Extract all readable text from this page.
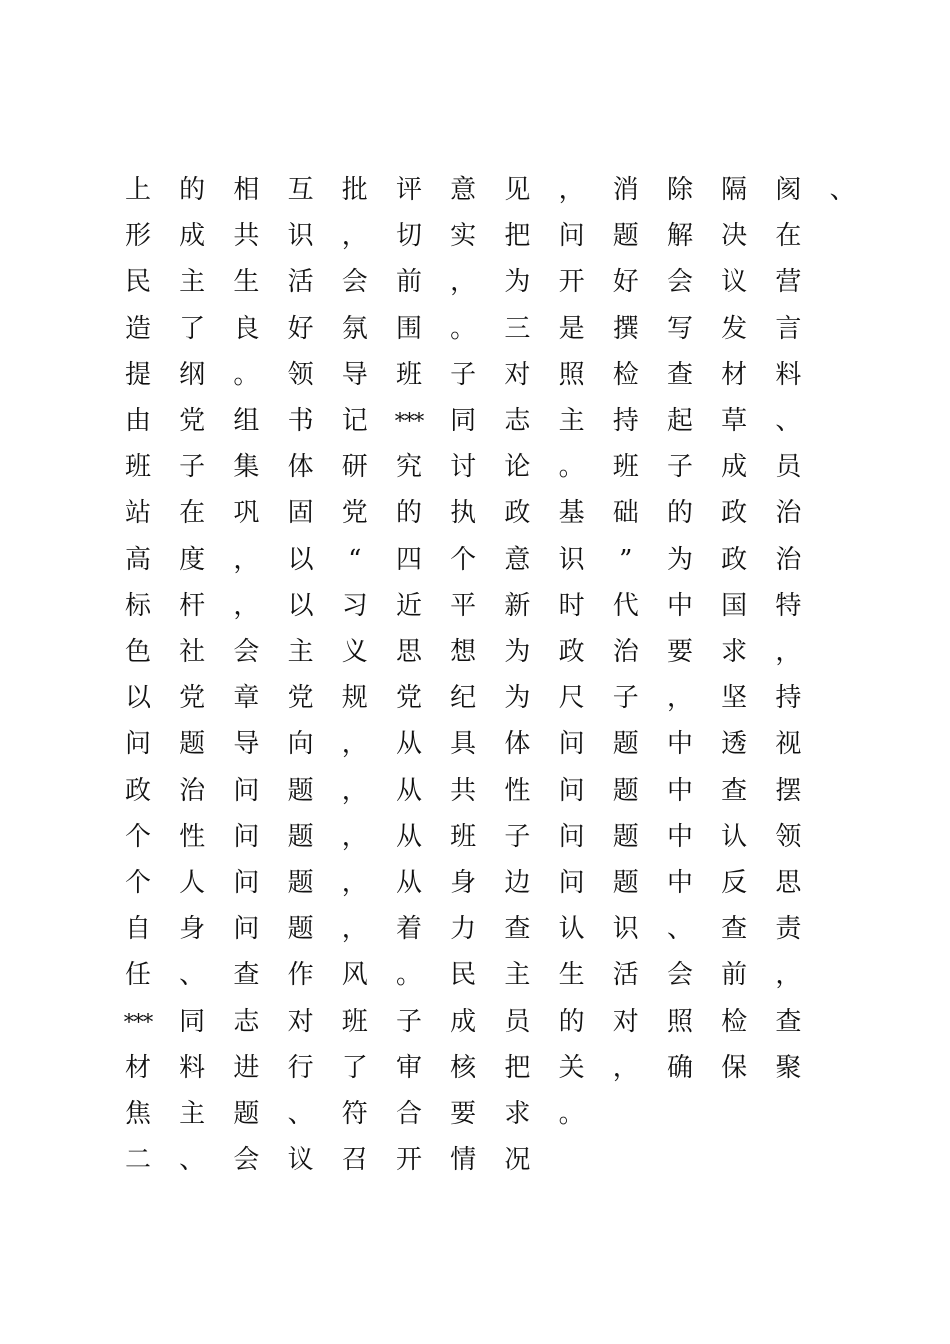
上	的	相	互	批	评	意	见	，	消	除	隔	阂	、
形	成	共	识	，	切	实	把	问	题	解	决	在
民	主	生	活	会	前	，	为	开	好	会	议	营
造	了	良	好	氛	围	。	三	是	撰	写	发	言
提	纲	。	领	导	班	子	对	照	检	查	材	料
由	党	组	书	记	***	同	志	主	持	起	草	、
班	子	集	体	研	究	讨	论	。	班	子	成	员
站	在	巩	固	党	的	执	政	基	础	的	政	治
高	度	，	以	“	四	个	意	识	”	为	政	治
标	杆	，	以	习	近	平	新	时	代	中	国	特
色	社	会	主	义	思	想	为	政	治	要	求	，
以	党	章	党	规	党	纪	为	尺	子	，	坚	持
问	题	导	向	，	从	具	体	问	题	中	透	视
政	治	问	题	，	从	共	性	问	题	中	查	摆
个	性	问	题	，	从	班	子	问	题	中	认	领
个	人	问	题	，	从	身	边	问	题	中	反	思
自	身	问	题	，	着	力	查	认	识	、	查	责
任	、	查	作	风	。	民	主	生	活	会	前	，
***	同	志	对	班	子	成	员	的	对	照	检	查
材	料	进	行	了	审	核	把	关	，	确	保	聚
焦	主	题	、	符	合	要	求	。
二	、	会	议	召	开	情	况
